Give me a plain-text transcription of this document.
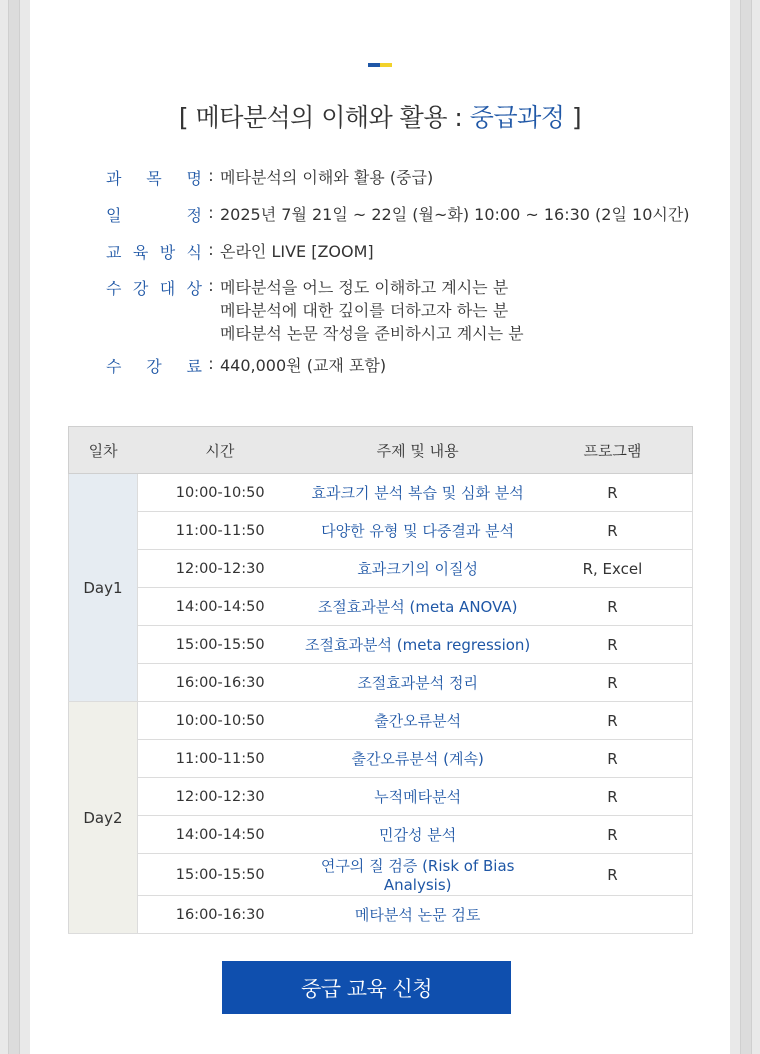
[ 메타분석의 이해와 활용 : 중급과정 ]
과 목 명 : 메타분석의 이해와 활용 (중급)
일	정 : 2025년 7월 21일 ~ 22일 (월~화) 10:00 ~ 16:30 (2일 10시간)
교 육 방 식 : 온라인 LIVE [ZOOM]
수 강 대 상 : 메타분석을 어느 정도 이해하고 계시는 분
메타분석에 대한 깊이를 더하고자 하는 분
메타분석 논문 작성을 준비하시고 계시는 분
수 강 료 : 440,000원 (교재 포함)
일차	시간	주제 및 내용	프로그램
Day1	10:00-10:50	효과크기 분석 복습 및 심화 분석	R
	11:00-11:50	다양한 유형 및 다중결과 분석	R
	12:00-12:30	효과크기의 이질성	R, Excel
	14:00-14:50	조절효과분석 (meta ANOVA)	R
	15:00-15:50	조절효과분석 (meta regression)	R
	16:00-16:30	조절효과분석 정리	R
Day2	10:00-10:50	출간오류분석	R
	11:00-11:50	출간오류분석 (계속)	R
	12:00-12:30	누적메타분석	R
	14:00-14:50	민감성 분석	R
	15:00-15:50	연구의 질 검증 (Risk of Bias Analysis)	R
	16:00-16:30	메타분석 논문 검토	
중급 교육 신청
